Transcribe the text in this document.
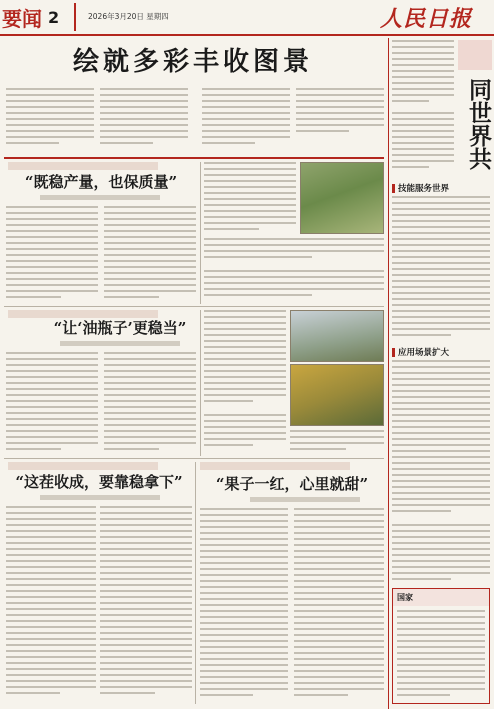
要闻 2	2026年3月20日 星期四	人民日报
绘就多彩丰收图景
“既稳产量，也保质量”
“让‘油瓶子’更稳当”
“这茬收成，要靠稳拿下”	“果子一红，心里就甜”
同世界共
技能服务世界
应用场景扩大
国家
